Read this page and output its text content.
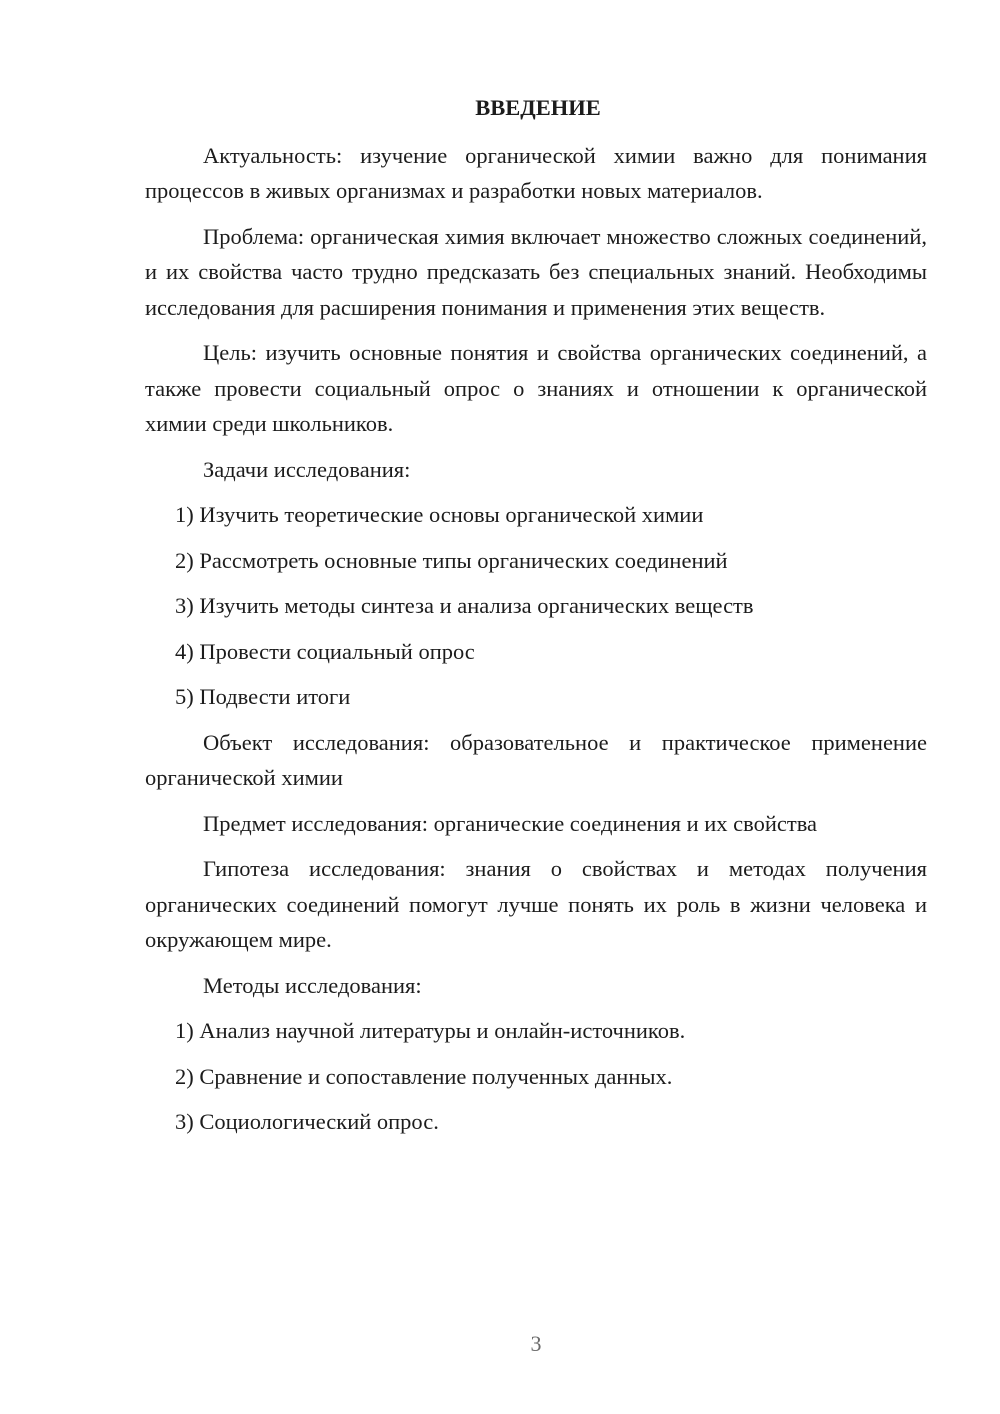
ВВЕДЕНИЕ

Актуальность: изучение органической химии важно для понимания процессов в живых организмах и разработки новых материалов.

Проблема: органическая химия включает множество сложных соединений, и их свойства часто трудно предсказать без специальных знаний. Необходимы исследования для расширения понимания и применения этих веществ.

Цель: изучить основные понятия и свойства органических соединений, а также провести социальный опрос о знаниях и отношении к органической химии среди школьников.

Задачи исследования:

1) Изучить теоретические основы органической химии
2) Рассмотреть основные типы органических соединений
3) Изучить методы синтеза и анализа органических веществ
4) Провести социальный опрос
5) Подвести итоги

Объект исследования: образовательное и практическое применение органической химии

Предмет исследования: органические соединения и их свойства

Гипотеза исследования: знания о свойствах и методах получения органических соединений помогут лучше понять их роль в жизни человека и окружающем мире.

Методы исследования:

1) Анализ научной литературы и онлайн-источников.
2) Сравнение и сопоставление полученных данных.
3) Социологический опрос.
3
